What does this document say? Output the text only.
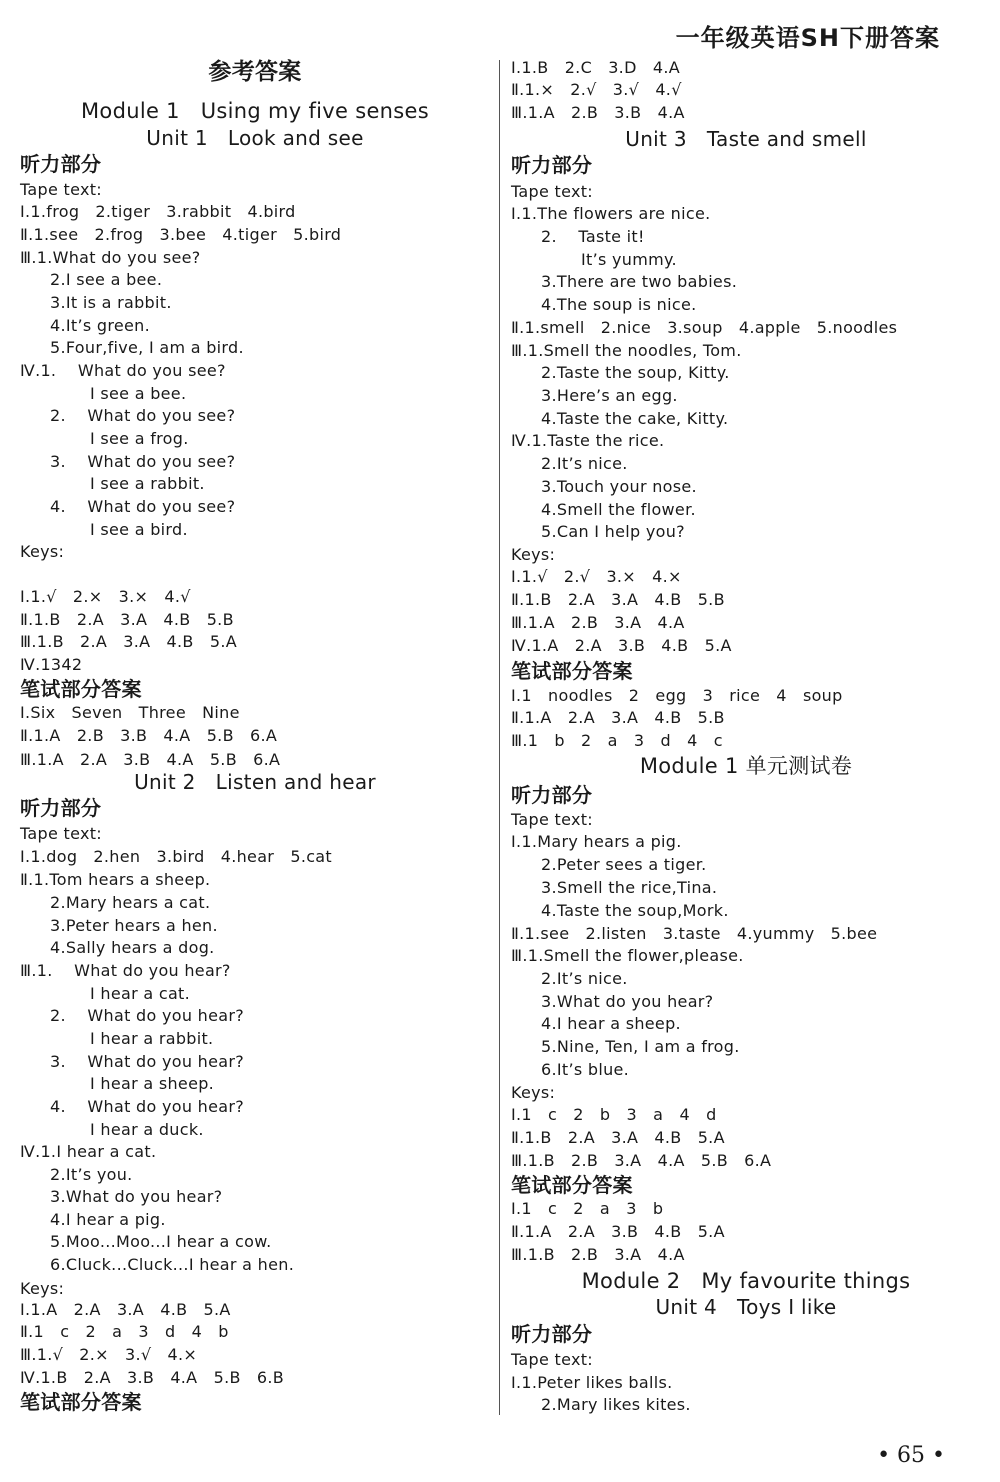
一年级英语SH下册答案
参考答案
Module 1   Using my five senses
Unit 1   Look and see
听力部分
Tape text:
Ⅰ.1.frog   2.tiger   3.rabbit   4.bird
Ⅱ.1.see   2.frog   3.bee   4.tiger   5.bird
Ⅲ.1.What do you see?
2.I see a bee.
3.It is a rabbit.
4.It’s green.
5.Four,five, I am a bird.
Ⅳ.1.    What do you see?
I see a bee.
2.    What do you see?
I see a frog.
3.    What do you see?
I see a rabbit.
4.    What do you see?
I see a bird.
Keys:
Ⅰ.1.√   2.×   3.×   4.√
Ⅱ.1.B   2.A   3.A   4.B   5.B
Ⅲ.1.B   2.A   3.A   4.B   5.A
Ⅳ.1342
笔试部分答案
Ⅰ.Six   Seven   Three   Nine
Ⅱ.1.A   2.B   3.B   4.A   5.B   6.A
Ⅲ.1.A   2.A   3.B   4.A   5.B   6.A
Unit 2   Listen and hear
听力部分
Tape text:
Ⅰ.1.dog   2.hen   3.bird   4.hear   5.cat
Ⅱ.1.Tom hears a sheep.
2.Mary hears a cat.
3.Peter hears a hen.
4.Sally hears a dog.
Ⅲ.1.    What do you hear?
I hear a cat.
2.    What do you hear?
I hear a rabbit.
3.    What do you hear?
I hear a sheep.
4.    What do you hear?
I hear a duck.
Ⅳ.1.I hear a cat.
2.It’s you.
3.What do you hear?
4.I hear a pig.
5.Moo...Moo...I hear a cow.
6.Cluck...Cluck...I hear a hen.
Keys:
Ⅰ.1.A   2.A   3.A   4.B   5.A
Ⅱ.1   c   2   a   3   d   4   b
Ⅲ.1.√   2.×   3.√   4.×
Ⅳ.1.B   2.A   3.B   4.A   5.B   6.B
笔试部分答案
Ⅰ.1.B   2.C   3.D   4.A
Ⅱ.1.×   2.√   3.√   4.√
Ⅲ.1.A   2.B   3.B   4.A
Unit 3   Taste and smell
听力部分
Tape text:
Ⅰ.1.The flowers are nice.
2.    Taste it!
It’s yummy.
3.There are two babies.
4.The soup is nice.
Ⅱ.1.smell   2.nice   3.soup   4.apple   5.noodles
Ⅲ.1.Smell the noodles, Tom.
2.Taste the soup, Kitty.
3.Here’s an egg.
4.Taste the cake, Kitty.
Ⅳ.1.Taste the rice.
2.It’s nice.
3.Touch your nose.
4.Smell the flower.
5.Can I help you?
Keys:
Ⅰ.1.√   2.√   3.×   4.×
Ⅱ.1.B   2.A   3.A   4.B   5.B
Ⅲ.1.A   2.B   3.A   4.A
Ⅳ.1.A   2.A   3.B   4.B   5.A
笔试部分答案
Ⅰ.1   noodles   2   egg   3   rice   4   soup
Ⅱ.1.A   2.A   3.A   4.B   5.B
Ⅲ.1   b   2   a   3   d   4   c
Module 1 单元测试卷
听力部分
Tape text:
Ⅰ.1.Mary hears a pig.
2.Peter sees a tiger.
3.Smell the rice,Tina.
4.Taste the soup,Mork.
Ⅱ.1.see   2.listen   3.taste   4.yummy   5.bee
Ⅲ.1.Smell the flower,please.
2.It’s nice.
3.What do you hear?
4.I hear a sheep.
5.Nine, Ten, I am a frog.
6.It’s blue.
Keys:
Ⅰ.1   c   2   b   3   a   4   d
Ⅱ.1.B   2.A   3.A   4.B   5.A
Ⅲ.1.B   2.B   3.A   4.A   5.B   6.A
笔试部分答案
Ⅰ.1   c   2   a   3   b
Ⅱ.1.A   2.A   3.B   4.B   5.A
Ⅲ.1.B   2.B   3.A   4.A
Module 2   My favourite things
Unit 4   Toys I like
听力部分
Tape text:
Ⅰ.1.Peter likes balls.
2.Mary likes kites.
• 65 •
